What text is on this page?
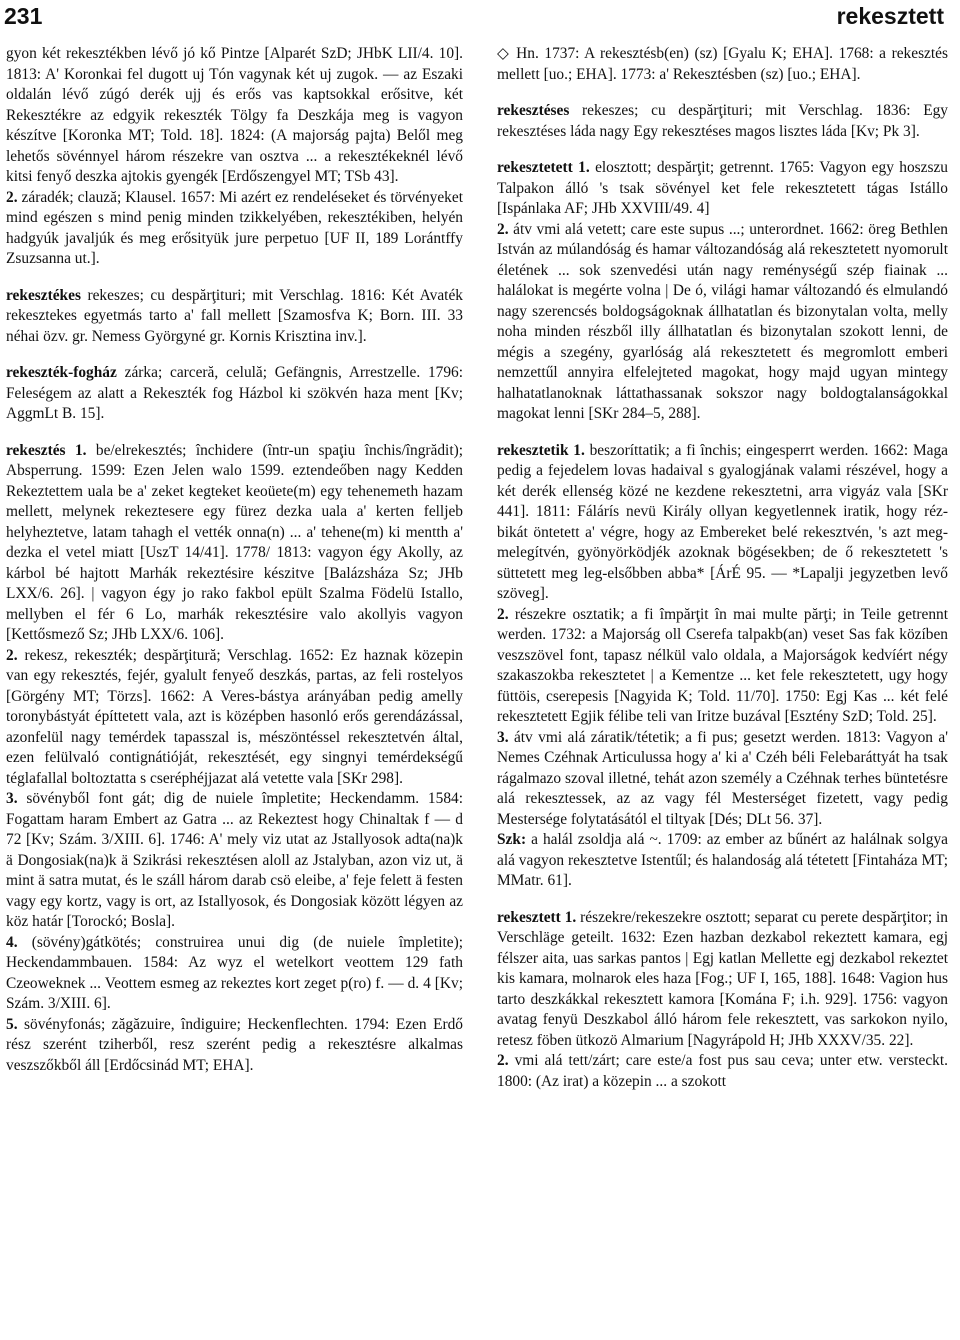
231	rekesztett

gyon két rekesztékben lévő jó kő Pintze [Alparét SzD; JHbK LII/4. 10]. 1813: A' Koronkai fel dugott uj Tón vagynak két uj zugok. — az Eszaki oldalán lévő zúgó derék ujj és erős vas kaptsokkal erősitve, két Rekesztékre az edgyik rekeszték Tölgy fa Deszkája meg is vagyon készítve [Koronka MT; Told. 18]. 1824: (A majorság pajta) Belől meg lehetős sövénnyel három részekre van osztva ... a rekesztékeknél lévő kitsi fenyő deszka ajtokis gyengék [Erdőszengyel MT; TSb 43].

2. záradék; clauză; Klausel. 1657: Mi azért ez rendeléseket és törvényeket mind egészen s mind penig minden tzikkelyében, rekesztékiben, helyén hadgyúk javaljúk és meg erősityük jure perpetuo [UF II, 189 Lorántffy Zsuzsanna ut.].

rekesztékes rekeszes; cu despărţituri; mit Verschlag. 1816: Két Avaték rekesztekes egyetmás tarto a' fall mellett [Szamosfva K; Born. III. 33 néhai özv. gr. Nemess Györgyné gr. Kornis Krisztina inv.].

rekeszték-fogház zárka; carceră, celulă; Gefängnis, Arrestzelle. 1796: Feleségem az alatt a Rekeszték fog Házbol ki szökvén haza ment [Kv; AggmLt B. 15].

rekesztés 1. be/elrekesztés; închidere (într-un spaţiu închis/îngrădit); Absperrung. 1599: Ezen Jelen walo 1599. eztendeőben nagy Kedden Rekeztettem uala be a' zeket kegteket keoüete(m) egy tehenemeth hazam mellett, melynek rekeztesere egy fürez dezka uala a' kerten felljeb helyheztetve, latam tahagh el vették onna(n) ... a' tehene(m) ki mentth a' dezka el vetel miatt [UszT 14/41]. 1778/ 1813: vagyon égy Akolly, az kárbol bé hajtott Marhák rekeztésire készitve [Balázsháza Sz; JHb LXX/6. 26]. | vagyon égy jo rako fakbol epült Szalma Födelü Istallo, mellyben el fér 6 Lo, marhák rekesztésire valo akollyis vagyon [Kettősmező Sz; JHb LXX/6. 106].

2. rekesz, rekeszték; despărţitură; Verschlag. 1652: Ez haznak közepin van egy rekesztés, fejér, gyalult fenyeő deszkás, partas, az feli rostelyos [Görgény MT; Törzs]. 1662: A Veres-bástya arányában pedig amelly toronybástyát építtetett vala, azt is középben hasonló erős gerendázással, azonfelül nagy temérdek tapasszal is, mészöntéssel rekesztetvén által, ezen felülvaló contignátióját, rekesztését, egy singnyi temérdekségű téglafallal boltoztatta s cseréphéjjazat alá vetette vala [SKr 298].

3. sövényből font gát; dig de nuiele împletite; Heckendamm. 1584: Fogattam haram Embert az Gatra ... az Rekeztest hogy Chinaltak f — d 72 [Kv; Szám. 3/XIII. 6]. 1746: A' mely viz utat az Jstallyosok adta(na)k ä Dongosiak(na)k ä Szikrási rekesztésen aloll az Jstalyban, azon viz ut, ä mint ä satra mutat, és le száll három darab csö eleibe, a' feje felett ä festen vagy egy kortz, vagy is ort, az Istallyosok, és Dongosiak között légyen az köz határ [Torockó; Bosla].

4. (sövény)gátkötés; construirea unui dig (de nuiele împletite); Heckendammbauen. 1584: Az wyz el wetelkort veottem 129 fath Czeoweknek ... Veottem esmeg az rekeztes kort zeget p(ro) f. — d. 4 [Kv; Szám. 3/XIII. 6].

5. sövényfonás; zăgăzuire, îndiguire; Heckenflechten. 1794: Ezen Erdő rész szerént tziherből, resz szerént pedig a rekesztésre alkalmas veszszőkből áll [Erdőcsinád MT; EHA].

◇ Hn. 1737: A rekesztésb(en) (sz) [Gyalu K; EHA]. 1768: a rekesztés mellett [uo.; EHA]. 1773: a' Rekesztésben (sz) [uo.; EHA].

rekesztéses rekeszes; cu despărţituri; mit Verschlag. 1836: Egy rekesztéses láda nagy Egy rekesztéses magos lisztes láda [Kv; Pk 3].

rekesztetett 1. elosztott; despărţit; getrennt. 1765: Vagyon egy hoszszu Talpakon álló 's tsak sövényel ket fele rekesztetett tágas Istállo [Ispánlaka AF; JHb XXVIII/49. 4]

2. átv vmi alá vetett; care este supus ...; unterordnet. 1662: öreg Bethlen István az múlandóság és hamar változandóság alá rekesztetett nyomorult életének ... sok szenvedési után nagy reménységű szép fiainak ... halálokat is megérte volna | De ó, világi hamar változandó és elmulandó nagy szerencsés boldogságoknak állhatatlan és bizonytalan volta, melly noha minden részből illy állhatatlan és bizonytalan szokott lenni, de mégis a szegény, gyarlóság alá rekesztetett és megromlott emberi nemzettűl annyira elfelejteted magokat, hogy majd ugyan mintegy halhatatlanoknak láttathassanak sokszor nagy boldogtalanságokkal magokat lenni [SKr 284–5, 288].

rekesztetik 1. beszoríttatik; a fi închis; eingesperrt werden. 1662: Maga pedig a fejedelem lovas hadaival s gyalogjának valami részével, hogy a két derék ellenség közé ne kezdene rekesztetni, arra vigyáz vala [SKr 441]. 1811: Fálárís nevü Király ollyan kegyetlennek iratik, hogy réz-bikát öntetett a' végre, hogy az Embereket belé rekesztvén, 's azt meg-melegítvén, gyönyörködjék azoknak bögésekben; de ő rekesztetett 's süttetett meg leg-elsőbben abba* [ÁrÉ 95. — *Lapalji jegyzetben levő szöveg].

2. részekre osztatik; a fi împărţit în mai multe părţi; in Teile getrennt werden. 1732: a Majorság oll Cserefa talpakb(an) veset Sas fak közíben veszszövel font, tapasz nélkül valo oldala, a Majorságok kedvíért négy szakaszokba rekesztetet | a Kementze ... ket fele rekesztetett, ugy hogy füttöis, cserepesis [Nagyida K; Told. 11/70]. 1750: Egj Kas ... két felé rekesztetett Egjik félibe teli van Iritze buzával [Esztény SzD; Told. 25].

3. átv vmi alá záratik/tétetik; a fi pus; gesetzt werden. 1813: Vagyon a' Nemes Czéhnak Articulussa hogy a' ki a' Czéh béli Felebaráttyát ha tsak rágalmazo szoval illetné, tehát azon személy a Czéhnak terhes büntetésre alá rekesztessek, az az vagy fél Mesterséget fizetett, vagy pedig Mestersége folytatásától el tiltyak [Dés; DLt 56. 37].

Szk: a halál zsoldja alá ~. 1709: az ember az bűnért az halálnak solgya alá vagyon rekesztetve Istentűl; és halandoság alá tétetett [Fintaháza MT; MMatr. 61].

rekesztett 1. részekre/rekeszekre osztott; separat cu perete despărţitor; in Verschläge geteilt. 1632: Ezen hazban dezkabol rekeztett kamara, egj félszer aita, uas sarkas pantos | Egj katlan Mellette egj dezkabol rekeztet kis kamara, molnarok eles haza [Fog.; UF I, 165, 188]. 1648: Vagion hus tarto deszkákkal rekesztett kamora [Komána F; i.h. 929]. 1756: vagyon avatag fenyü Deszkabol álló három fele rekesztett, vas sarkokon nyilo, retesz föben ütkozö Almarium [Nagyrápold H; JHb XXXV/35. 22].

2. vmi alá tett/zárt; care este/a fost pus sau ceva; unter etw. versteckt. 1800: (Az irat) a közepin ... a szokott
